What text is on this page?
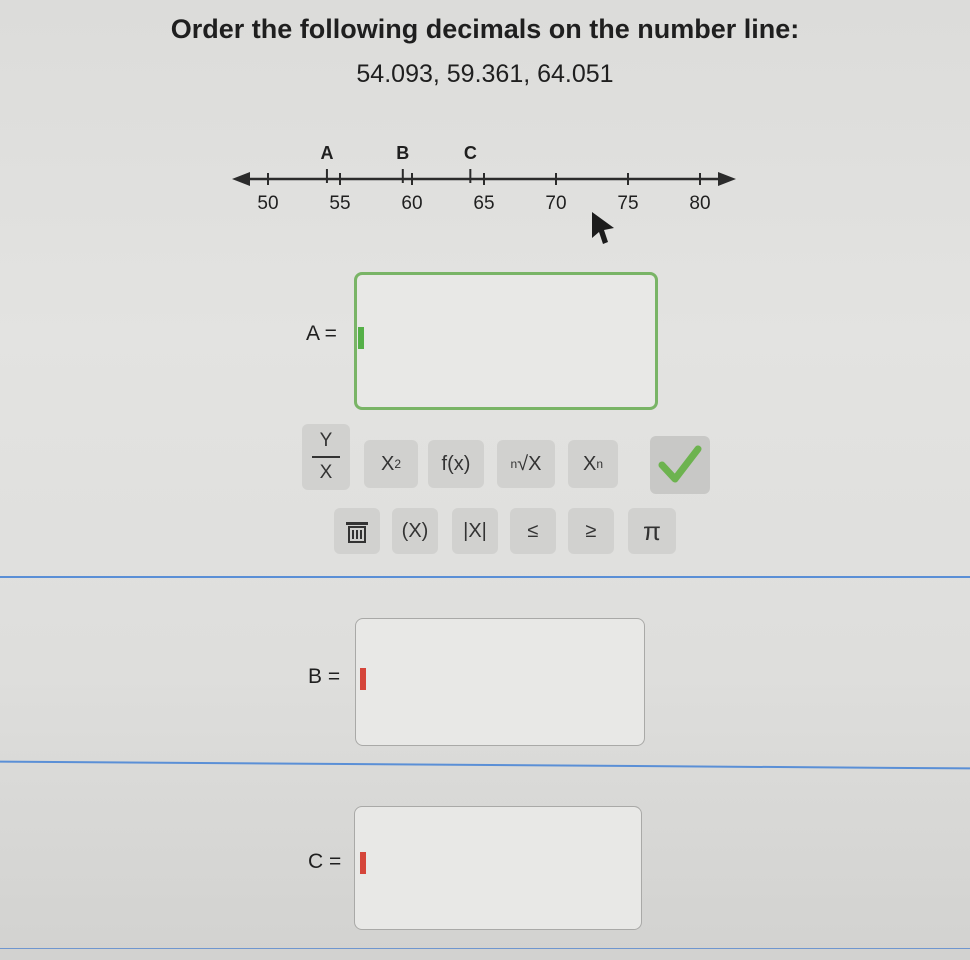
Order the following decimals on the number line:
54.093, 59.361, 64.051
50	55	60	65	70	75	80
A	B	C
A =
Y
X X 2	f(x)	n √X X n
(X)	|X|	≤	≥	π
B =
C =
